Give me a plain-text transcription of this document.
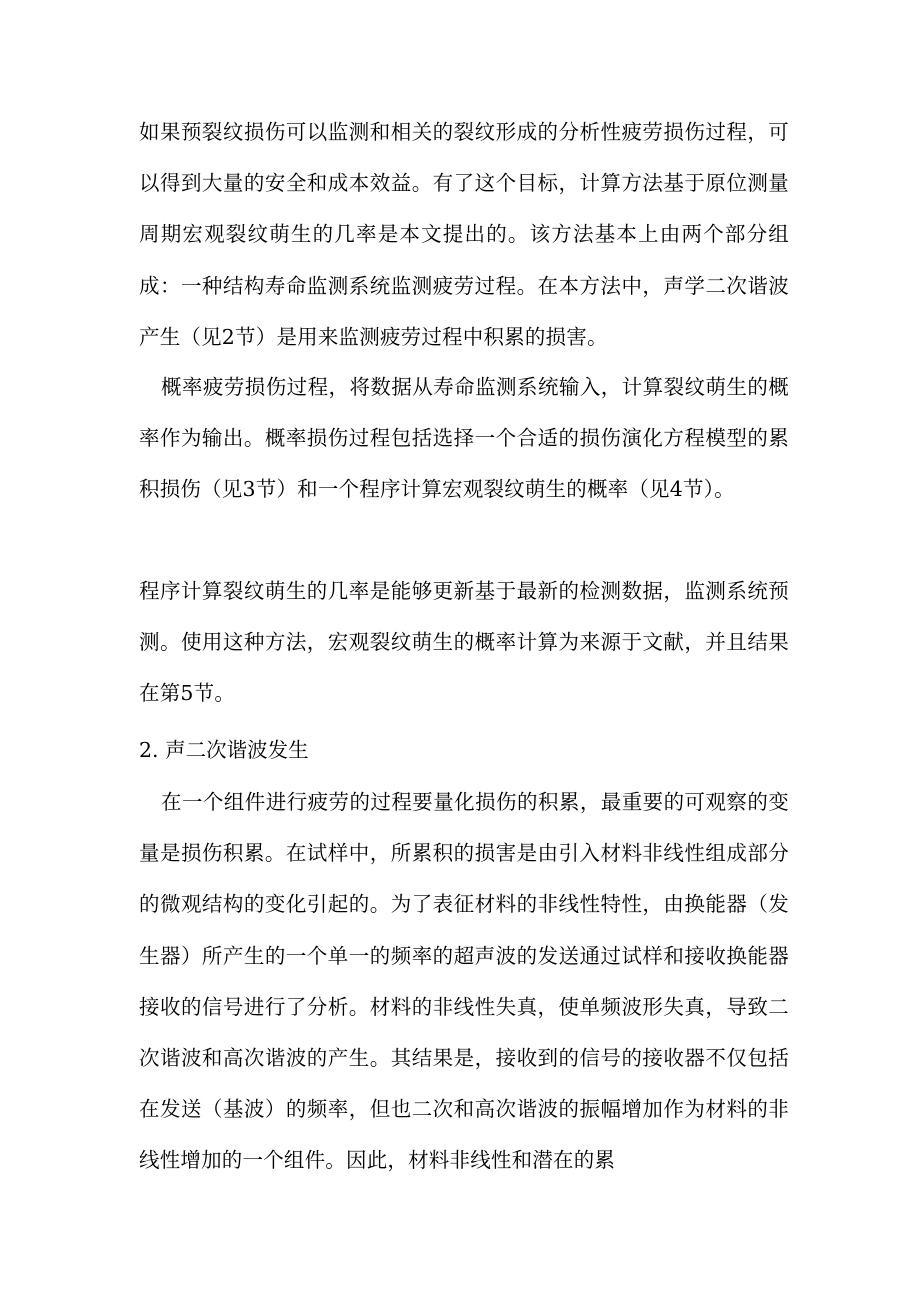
如果预裂纹损伤可以监测和相关的裂纹形成的分析性疲劳损伤过程，可以得到大量的安全和成本效益。有了这个目标，计算方法基于原位测量周期宏观裂纹萌生的几率是本文提出的。该方法基本上由两个部分组成：一种结构寿命监测系统监测疲劳过程。在本方法中，声学二次谐波产生（见2节）是用来监测疲劳过程中积累的损害。

概率疲劳损伤过程，将数据从寿命监测系统输入，计算裂纹萌生的概率作为输出。概率损伤过程包括选择一个合适的损伤演化方程模型的累积损伤（见3节）和一个程序计算宏观裂纹萌生的概率（见4节）。

程序计算裂纹萌生的几率是能够更新基于最新的检测数据，监测系统预测。使用这种方法，宏观裂纹萌生的概率计算为来源于文献，并且结果在第5节。

2. 声二次谐波发生

在一个组件进行疲劳的过程要量化损伤的积累，最重要的可观察的变量是损伤积累。在试样中，所累积的损害是由引入材料非线性组成部分的微观结构的变化引起的。为了表征材料的非线性特性，由换能器（发生器）所产生的一个单一的频率的超声波的发送通过试样和接收换能器接收的信号进行了分析。材料的非线性失真，使单频波形失真，导致二次谐波和高次谐波的产生。其结果是，接收到的信号的接收器不仅包括在发送（基波）的频率，但也二次和高次谐波的振幅增加作为材料的非线性增加的一个组件。因此，材料非线性和潜在的累
